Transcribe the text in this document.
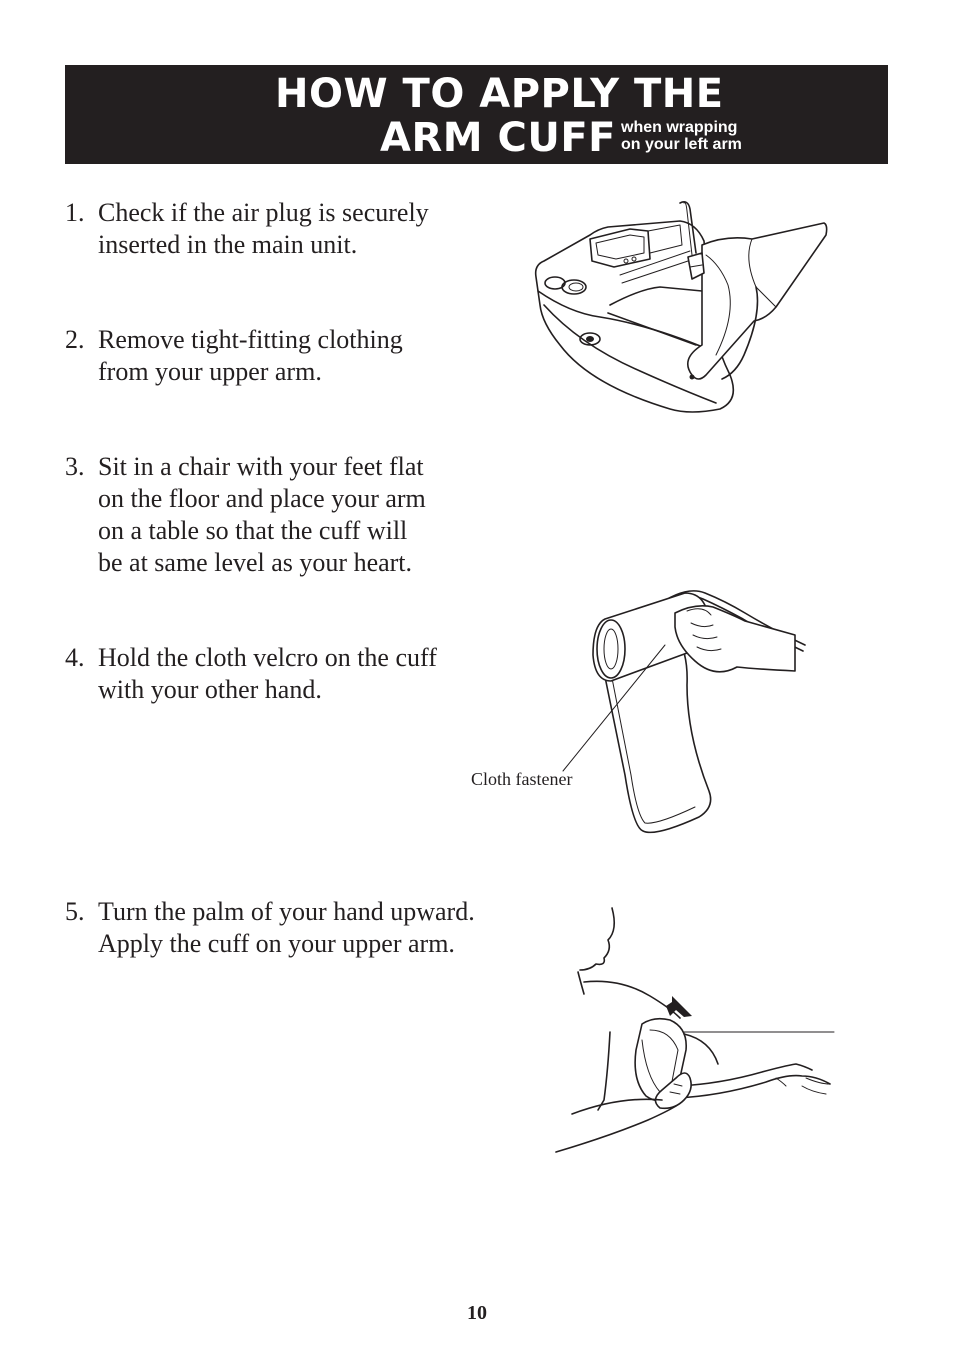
HOW TO APPLY THE
ARM CUFF when wrapping
on your left arm
1. Check if the air plug is securely
inserted in the main unit.
2. Remove tight-fitting clothing
from your upper arm.
3. Sit in a chair with your feet flat
on the floor and place your arm
on a table so that the cuff will
be at same level as your heart.
4. Hold the cloth velcro on the cuff
with your other hand.
5. Turn the palm of your hand upward.
Apply the cuff on your upper arm.
Cloth fastener
10
